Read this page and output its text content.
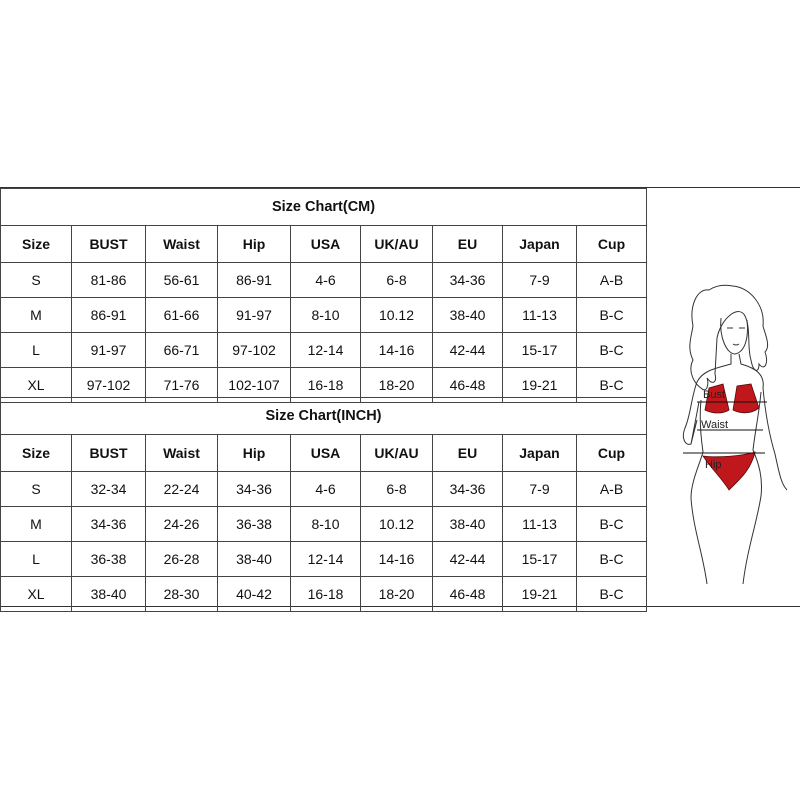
Size Chart(CM)								
Size	BUST	Waist	Hip	USA	UK/AU	EU	Japan	Cup
S	81-86	56-61	86-91	4-6	6-8	34-36	7-9	A-B
M	86-91	61-66	91-97	8-10	10.12	38-40	11-13	B-C
L	91-97	66-71	97-102	12-14	14-16	42-44	15-17	B-C
XL	97-102	71-76	102-107	16-18	18-20	46-48	19-21	B-C
Size Chart(INCH)								
Size	BUST	Waist	Hip	USA	UK/AU	EU	Japan	Cup
S	32-34	22-24	34-36	4-6	6-8	34-36	7-9	A-B
M	34-36	24-26	36-38	8-10	10.12	38-40	11-13	B-C
L	36-38	26-28	38-40	12-14	14-16	42-44	15-17	B-C
XL	38-40	28-30	40-42	16-18	18-20	46-48	19-21	B-C
Bust
Waist
Hip
